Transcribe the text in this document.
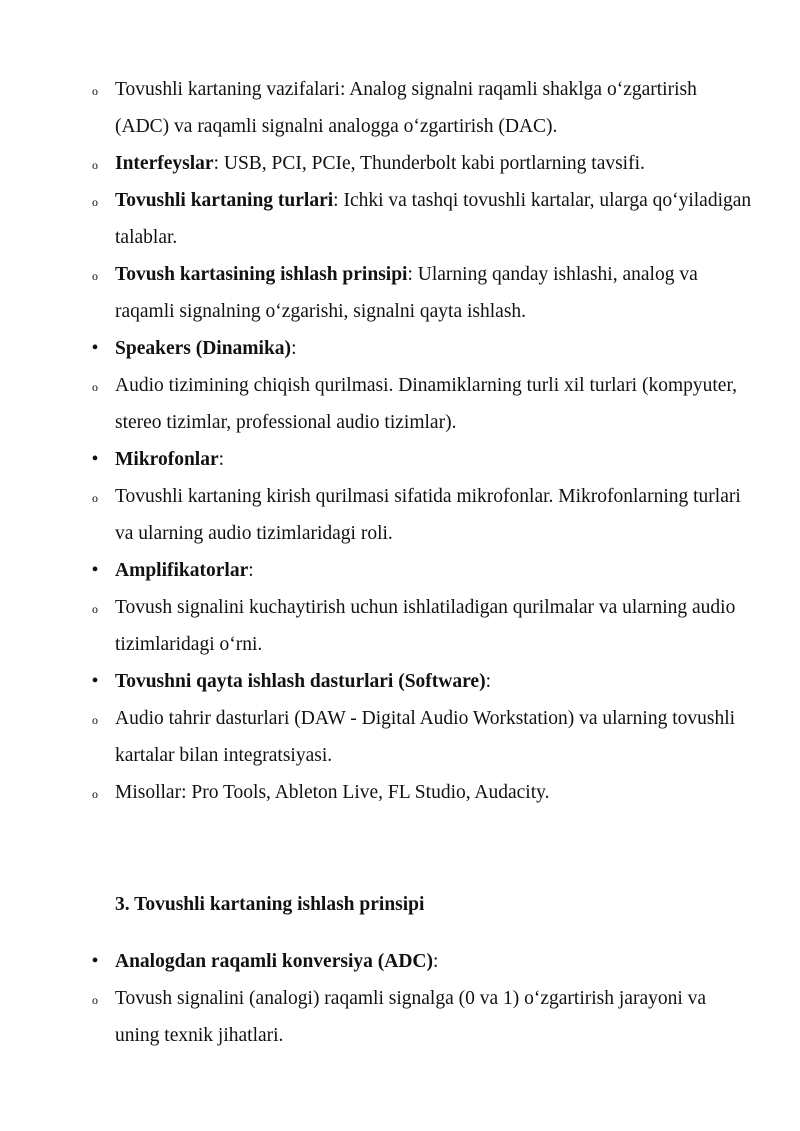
o Tovushli kartaning vazifalari: Analog signalni raqamli shaklga o‘zgartirish (ADC) va raqamli signalni analogga o‘zgartirish (DAC).
o Interfeyslar: USB, PCI, PCIe, Thunderbolt kabi portlarning tavsifi.
o Tovushli kartaning turlari: Ichki va tashqi tovushli kartalar, ularga qo‘yiladigan talablar.
o Tovush kartasining ishlash prinsipi: Ularning qanday ishlashi, analog va raqamli signalning o‘zgarishi, signalni qayta ishlash.
• Speakers (Dinamika):
o Audio tizimining chiqish qurilmasi. Dinamiklarning turli xil turlari (kompyuter, stereo tizimlar, professional audio tizimlar).
• Mikrofonlar:
o Tovushli kartaning kirish qurilmasi sifatida mikrofonlar. Mikrofonlarning turlari va ularning audio tizimlaridagi roli.
• Amplifikatorlar:
o Tovush signalini kuchaytirish uchun ishlatiladigan qurilmalar va ularning audio tizimlaridagi o‘rni.
• Tovushni qayta ishlash dasturlari (Software):
o Audio tahrir dasturlari (DAW - Digital Audio Workstation) va ularning tovushli kartalar bilan integratsiyasi.
o Misollar: Pro Tools, Ableton Live, FL Studio, Audacity.
3. Tovushli kartaning ishlash prinsipi
• Analogdan raqamli konversiya (ADC):
o Tovush signalini (analogi) raqamli signalga (0 va 1) o‘zgartirish jarayoni va uning texnik jihatlari.
